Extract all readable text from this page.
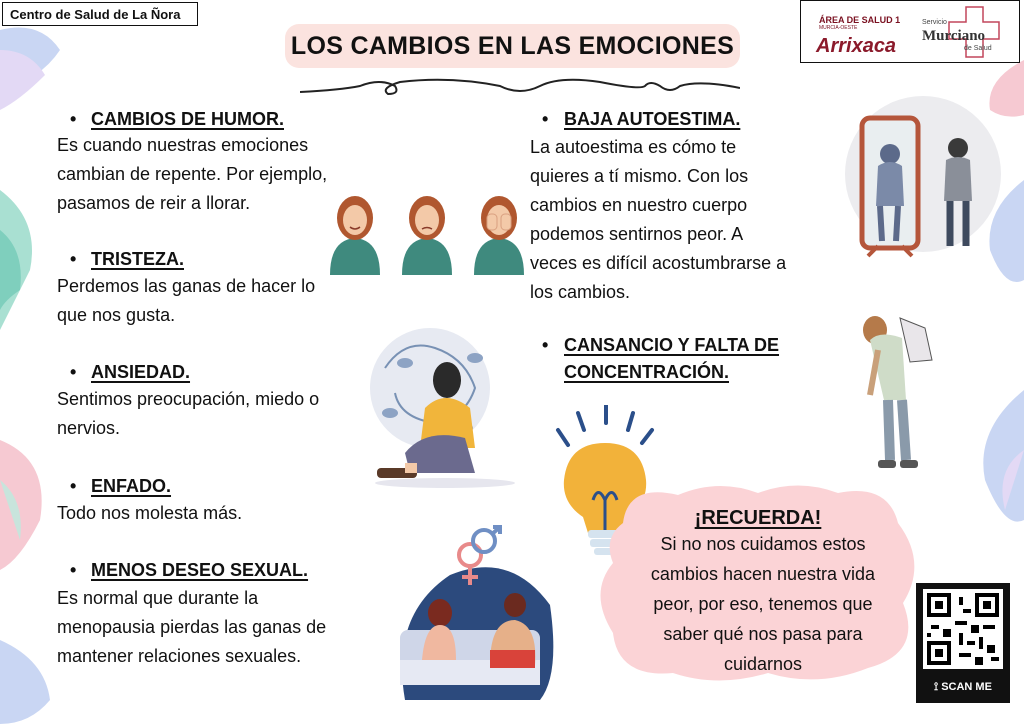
Centro de Salud de La Ñora	ÁREA DE SALUD 1
MURCIA-OESTE
Arrixaca
Servicio
Murciano
de Salud
LOS CAMBIOS EN LAS EMOCIONES
• CAMBIOS DE HUMOR.
Es cuando nuestras emociones
cambian de repente. Por ejemplo,
pasamos de reir a llorar.
• TRISTEZA.
Perdemos las ganas de hacer lo
que nos gusta.
• ANSIEDAD.
Sentimos preocupación, miedo o
nervios.
• ENFADO.
Todo nos molesta más.
• MENOS DESEO SEXUAL.
Es normal que durante la
menopausia pierdas las ganas de
mantener relaciones sexuales.
• BAJA AUTOESTIMA.
La autoestima es cómo te
quieres a tí mismo. Con los
cambios en nuestro cuerpo
podemos sentirnos peor. A
veces es difícil acostumbrarse a
los cambios.
• CANSANCIO Y FALTA DE
CONCENTRACIÓN.
¡RECUERDA!
Si no nos cuidamos estos
cambios hacen nuestra vida
peor, por eso, tenemos que
saber qué nos pasa para
cuidarnos
⟟ SCAN ME
